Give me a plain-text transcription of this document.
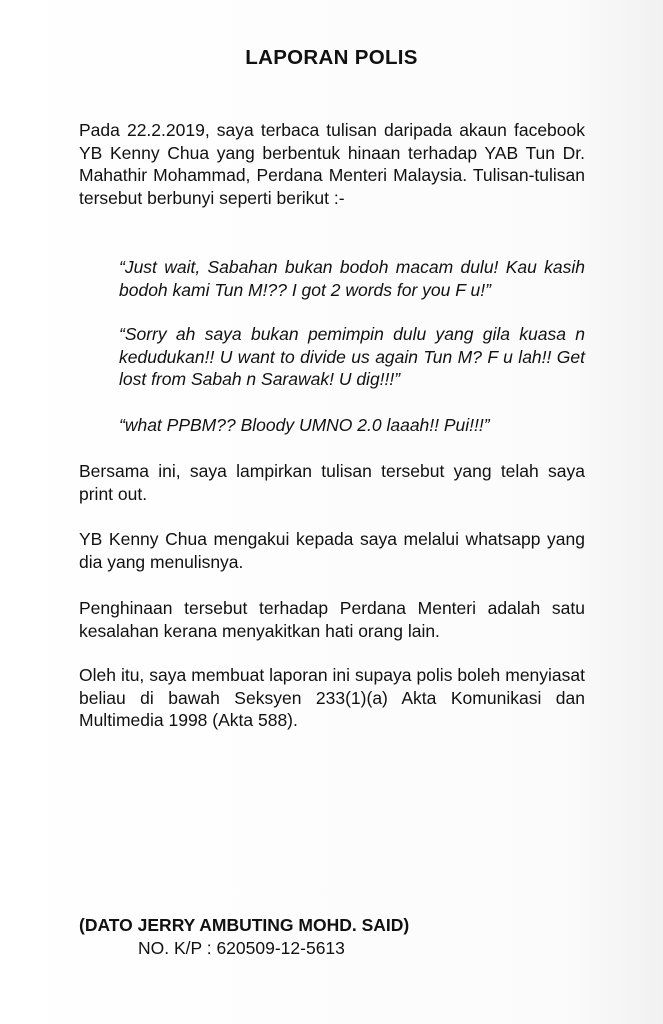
LAPORAN POLIS

Pada 22.2.2019, saya terbaca tulisan daripada akaun facebook YB Kenny Chua yang berbentuk hinaan terhadap YAB Tun Dr. Mahathir Mohammad, Perdana Menteri Malaysia. Tulisan-tulisan tersebut berbunyi seperti berikut :-

“Just wait, Sabahan bukan bodoh macam dulu! Kau kasih bodoh kami Tun M!?? I got 2 words for you F u!”

“Sorry ah saya bukan pemimpin dulu yang gila kuasa n kedudukan!! U want to divide us again Tun M? F u lah!! Get lost from Sabah n Sarawak! U dig!!!”

“what PPBM?? Bloody UMNO 2.0 laaah!! Pui!!!”

Bersama ini, saya lampirkan tulisan tersebut yang telah saya print out.

YB Kenny Chua mengakui kepada saya melalui whatsapp yang dia yang menulisnya.

Penghinaan tersebut terhadap Perdana Menteri adalah satu kesalahan kerana menyakitkan hati orang lain.

Oleh itu, saya membuat laporan ini supaya polis boleh menyiasat beliau di bawah Seksyen 233(1)(a) Akta Komunikasi dan Multimedia 1998 (Akta 588).

(DATO JERRY AMBUTING MOHD. SAID)

NO. K/P : 620509-12-5613
